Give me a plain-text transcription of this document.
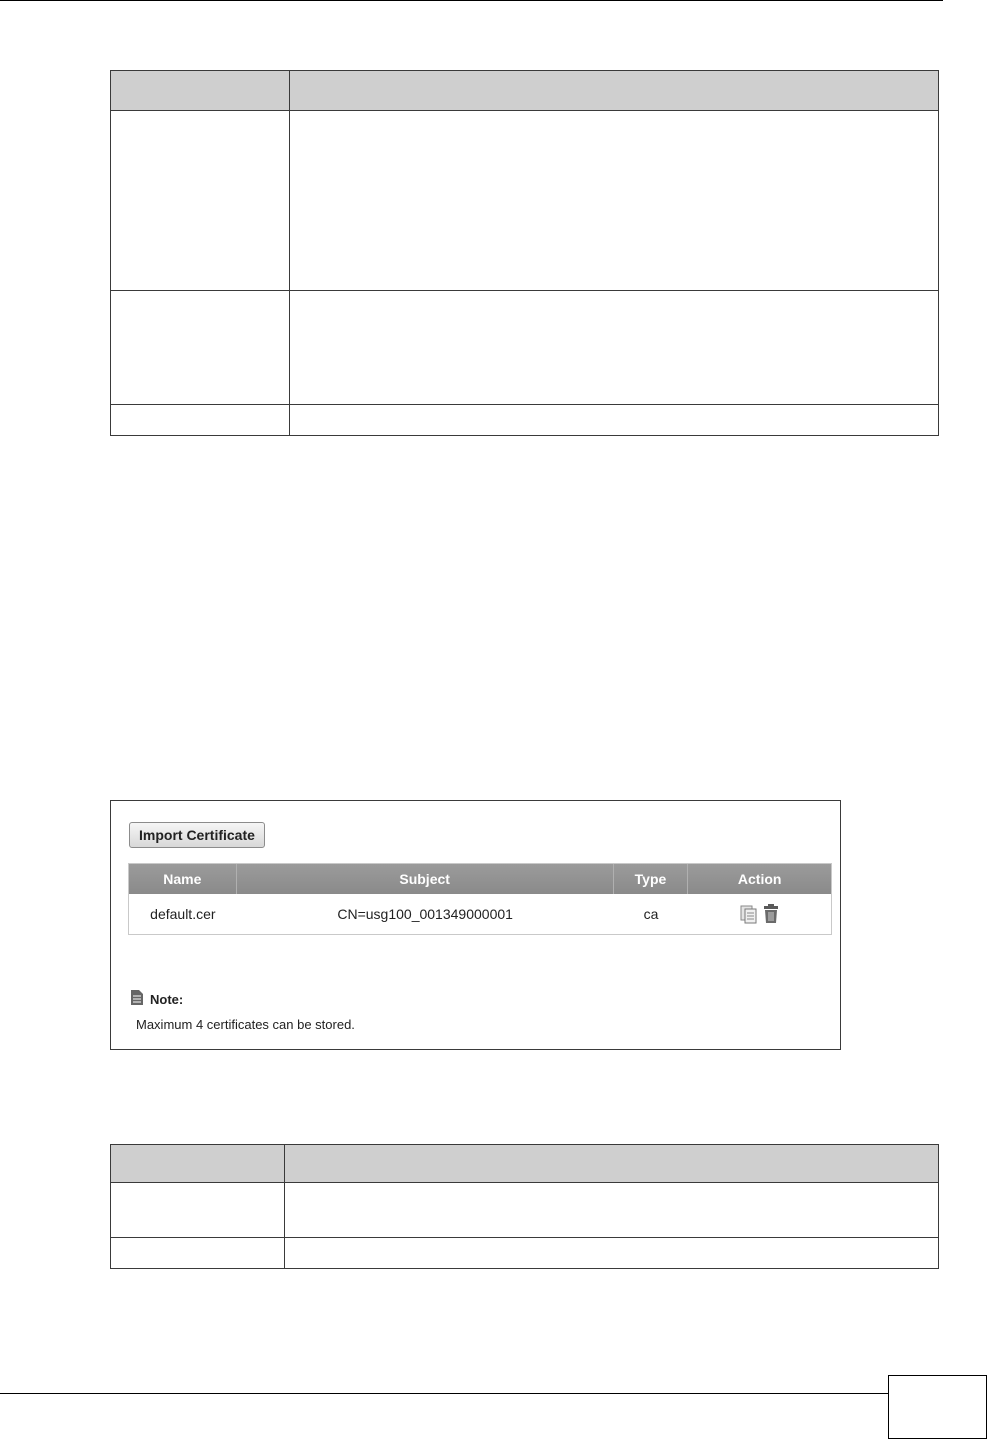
Import Certificate
Name	Subject	Type	Action
default.cer	CN=usg100_001349000001	ca
Note:
Maximum 4 certificates can be stored.
